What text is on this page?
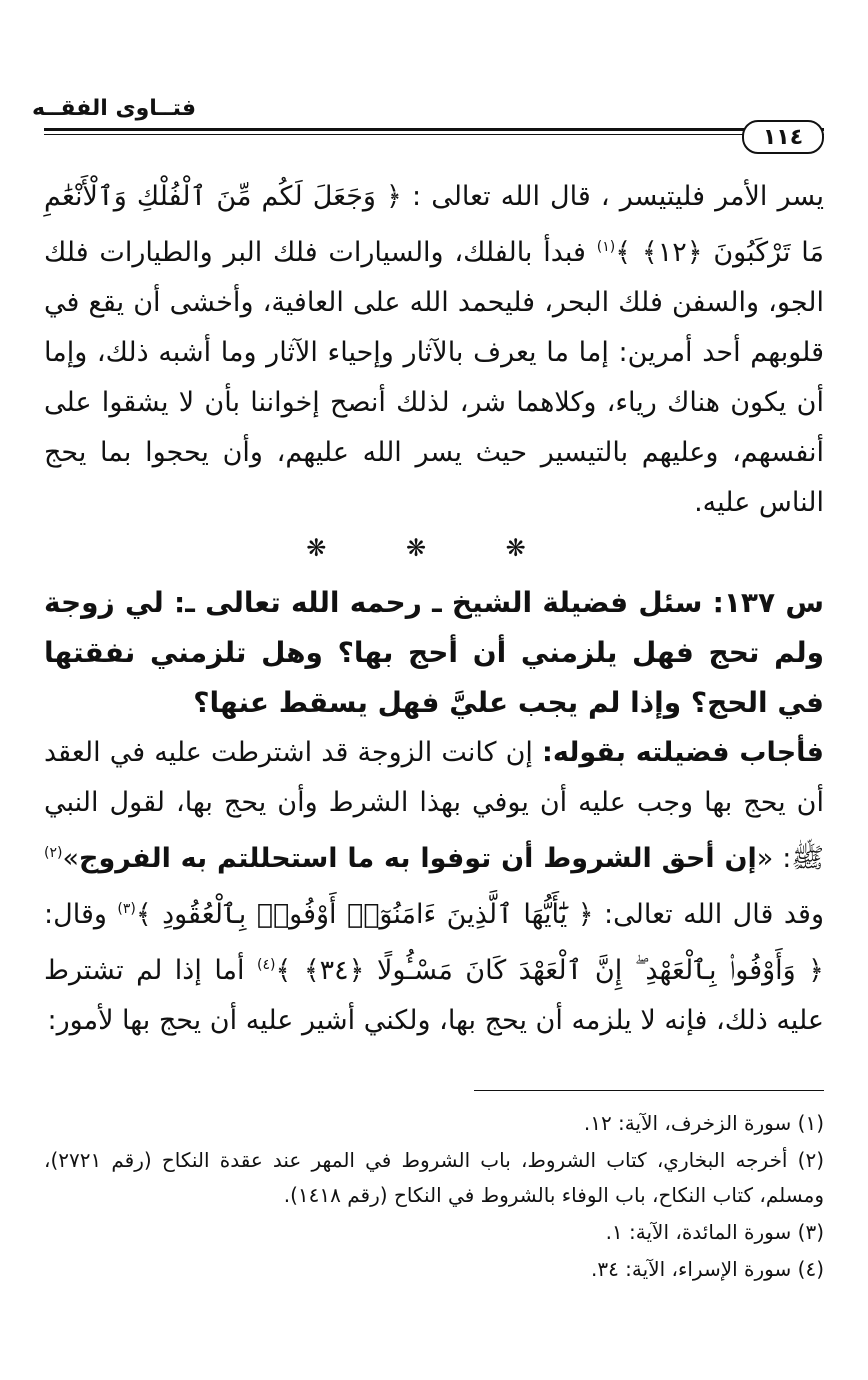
فتــاوى الفقــه
١١٤

يسر الأمر فليتيسر ، قال الله تعالى : ﴿ وَجَعَلَ لَكُم مِّنَ ٱلْفُلْكِ وَٱلْأَنْعَٰمِ مَا تَرْكَبُونَ ﴿١٢﴾ ﴾$^{(١)}$ فبدأ بالفلك، والسيارات فلك البر والطيارات فلك الجو، والسفن فلك البحر، فليحمد الله على العافية، وأخشى أن يقع في قلوبهم أحد أمرين: إما ما يعرف بالآثار وإحياء الآثار وما أشبه ذلك، وإما أن يكون هناك رياء، وكلاهما شر، لذلك أنصح إخواننا بأن لا يشقوا على أنفسهم، وعليهم بالتيسير حيث يسر الله عليهم، وأن يحجوا بما يحج الناس عليه.

❋ ❋ ❋
س ١٣٧: سئل فضيلة الشيخ ـ رحمه الله تعالى ـ: لي زوجة ولم تحج فهل يلزمني أن أحج بها؟ وهل تلزمني نفقتها في الحج؟ وإذا لم يجب عليَّ فهل يسقط عنها؟
فأجاب فضيلته بقوله: إن كانت الزوجة قد اشترطت عليه في العقد أن يحج بها وجب عليه أن يوفي بهذا الشرط وأن يحج بها، لقول النبي ﷺ: «إن أحق الشروط أن توفوا به ما استحللتم به الفروج»$^{(٢)}$ وقد قال الله تعالى: ﴿ يَٰٓأَيُّهَا ٱلَّذِينَ ءَامَنُوٓا۟ أَوْفُوا۟ بِٱلْعُقُودِ ﴾$^{(٣)}$ وقال: ﴿ وَأَوْفُوا۟ بِٱلْعَهْدِ ۖ إِنَّ ٱلْعَهْدَ كَانَ مَسْـُٔولًا ﴿٣٤﴾ ﴾$^{(٤)}$ أما إذا لم تشترط عليه ذلك، فإنه لا يلزمه أن يحج بها، ولكني أشير عليه أن يحج بها لأمور:

(١) سورة الزخرف، الآية: ١٢.

(٢) أخرجه البخاري، كتاب الشروط، باب الشروط في المهر عند عقدة النكاح (رقم ٢٧٢١)، ومسلم، كتاب النكاح، باب الوفاء بالشروط في النكاح (رقم ١٤١٨).

(٣) سورة المائدة، الآية: ١.

(٤) سورة الإسراء، الآية: ٣٤.
